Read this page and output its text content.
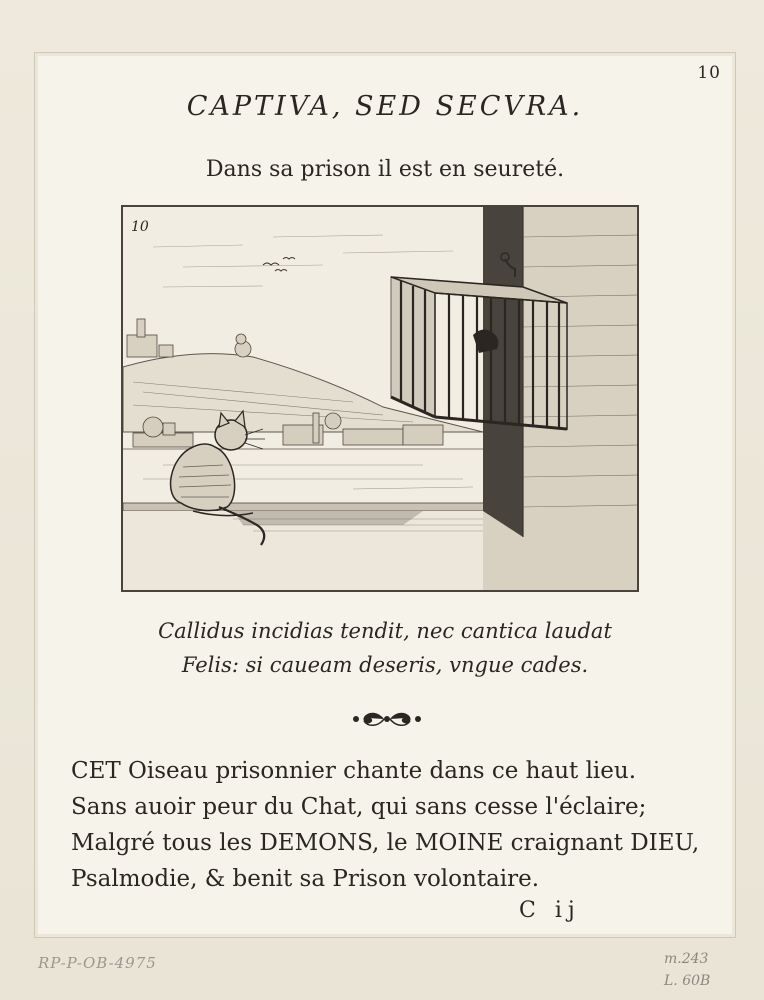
10
CAPTIVA, SED SECVRA.
Dans sa prison il est en seureté.
10
Callidus incidias tendit, nec cantica laudat
Felis: si caueam deseris, vngue cades.
CET Oiseau prisonnier chante dans ce haut lieu.
Sans auoir peur du Chat, qui sans cesse l'éclaire;
Malgré tous les DEMONS, le MOINE craignant DIEU,
Psalmodie, & benit sa Prison volontaire.
C ij
RP-P-OB-4975	m.243
L. 60B
